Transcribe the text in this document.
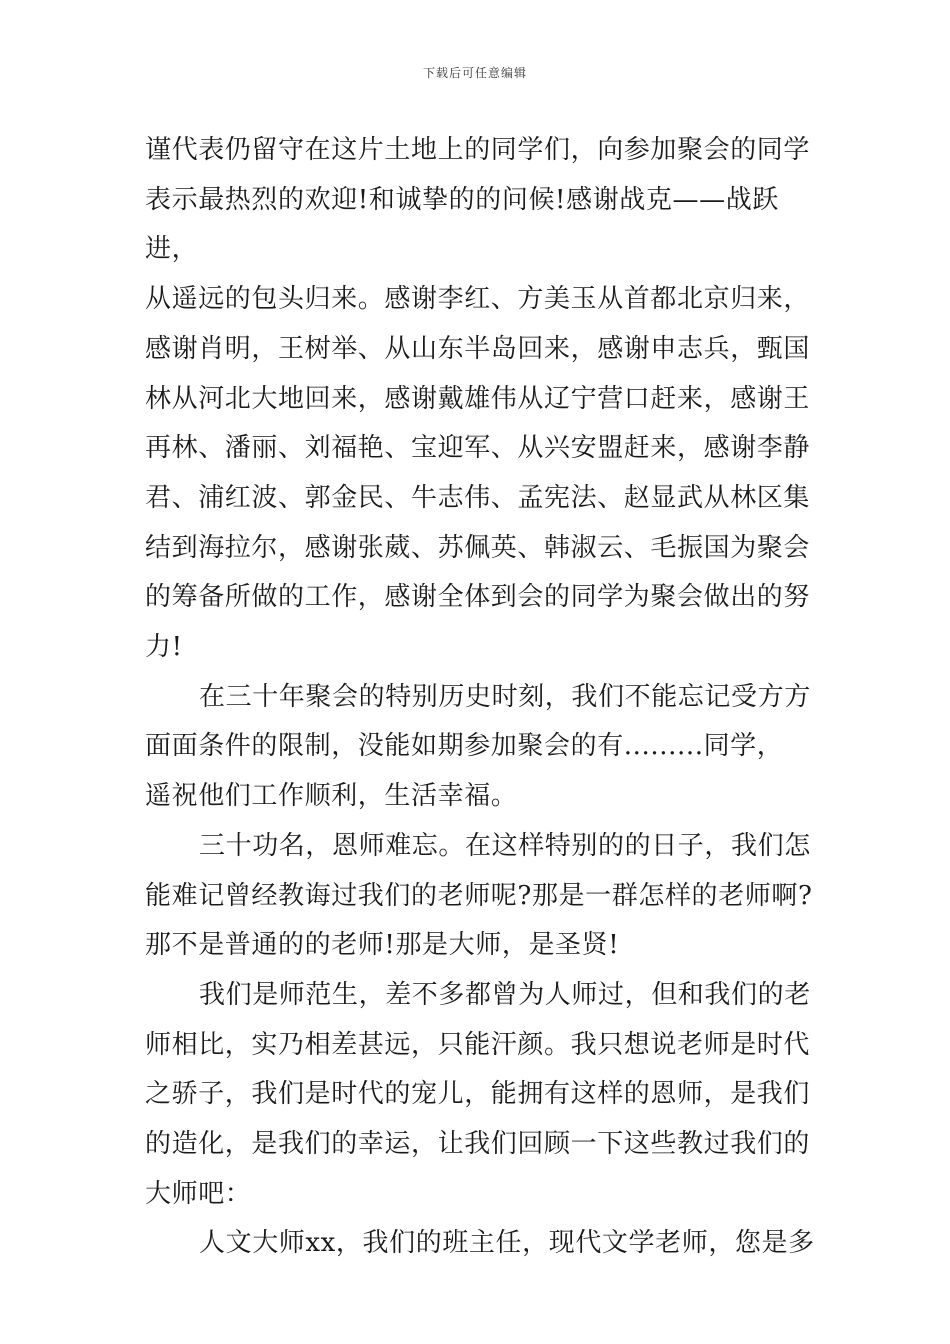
下载后可任意编辑

谨代表仍留守在这片土地上的同学们，向参加聚会的同学
表示最热烈的欢迎!和诚挚的的问候!感谢战克——战跃进，
从遥远的包头归来。感谢李红、方美玉从首都北京归来，
感谢肖明，王树举、从山东半岛回来，感谢申志兵，甄国
林从河北大地回来，感谢戴雄伟从辽宁营口赶来，感谢王
再林、潘丽、刘福艳、宝迎军、从兴安盟赶来，感谢李静
君、浦红波、郭金民、牛志伟、孟宪法、赵显武从林区集
结到海拉尔，感谢张葳、苏佩英、韩淑云、毛振国为聚会
的筹备所做的工作，感谢全体到会的同学为聚会做出的努
力!

在三十年聚会的特别历史时刻，我们不能忘记受方方
面面条件的限制，没能如期参加聚会的有.........同学，
遥祝他们工作顺利，生活幸福。

三十功名，恩师难忘。在这样特别的的日子，我们怎
能难记曾经教诲过我们的老师呢?那是一群怎样的老师啊?
那不是普通的的老师!那是大师，是圣贤!

我们是师范生，差不多都曾为人师过，但和我们的老
师相比，实乃相差甚远，只能汗颜。我只想说老师是时代
之骄子，我们是时代的宠儿，能拥有这样的恩师，是我们
的造化，是我们的幸运，让我们回顾一下这些教过我们的
大师吧：

人文大师xx，我们的班主任，现代文学老师，您是多
